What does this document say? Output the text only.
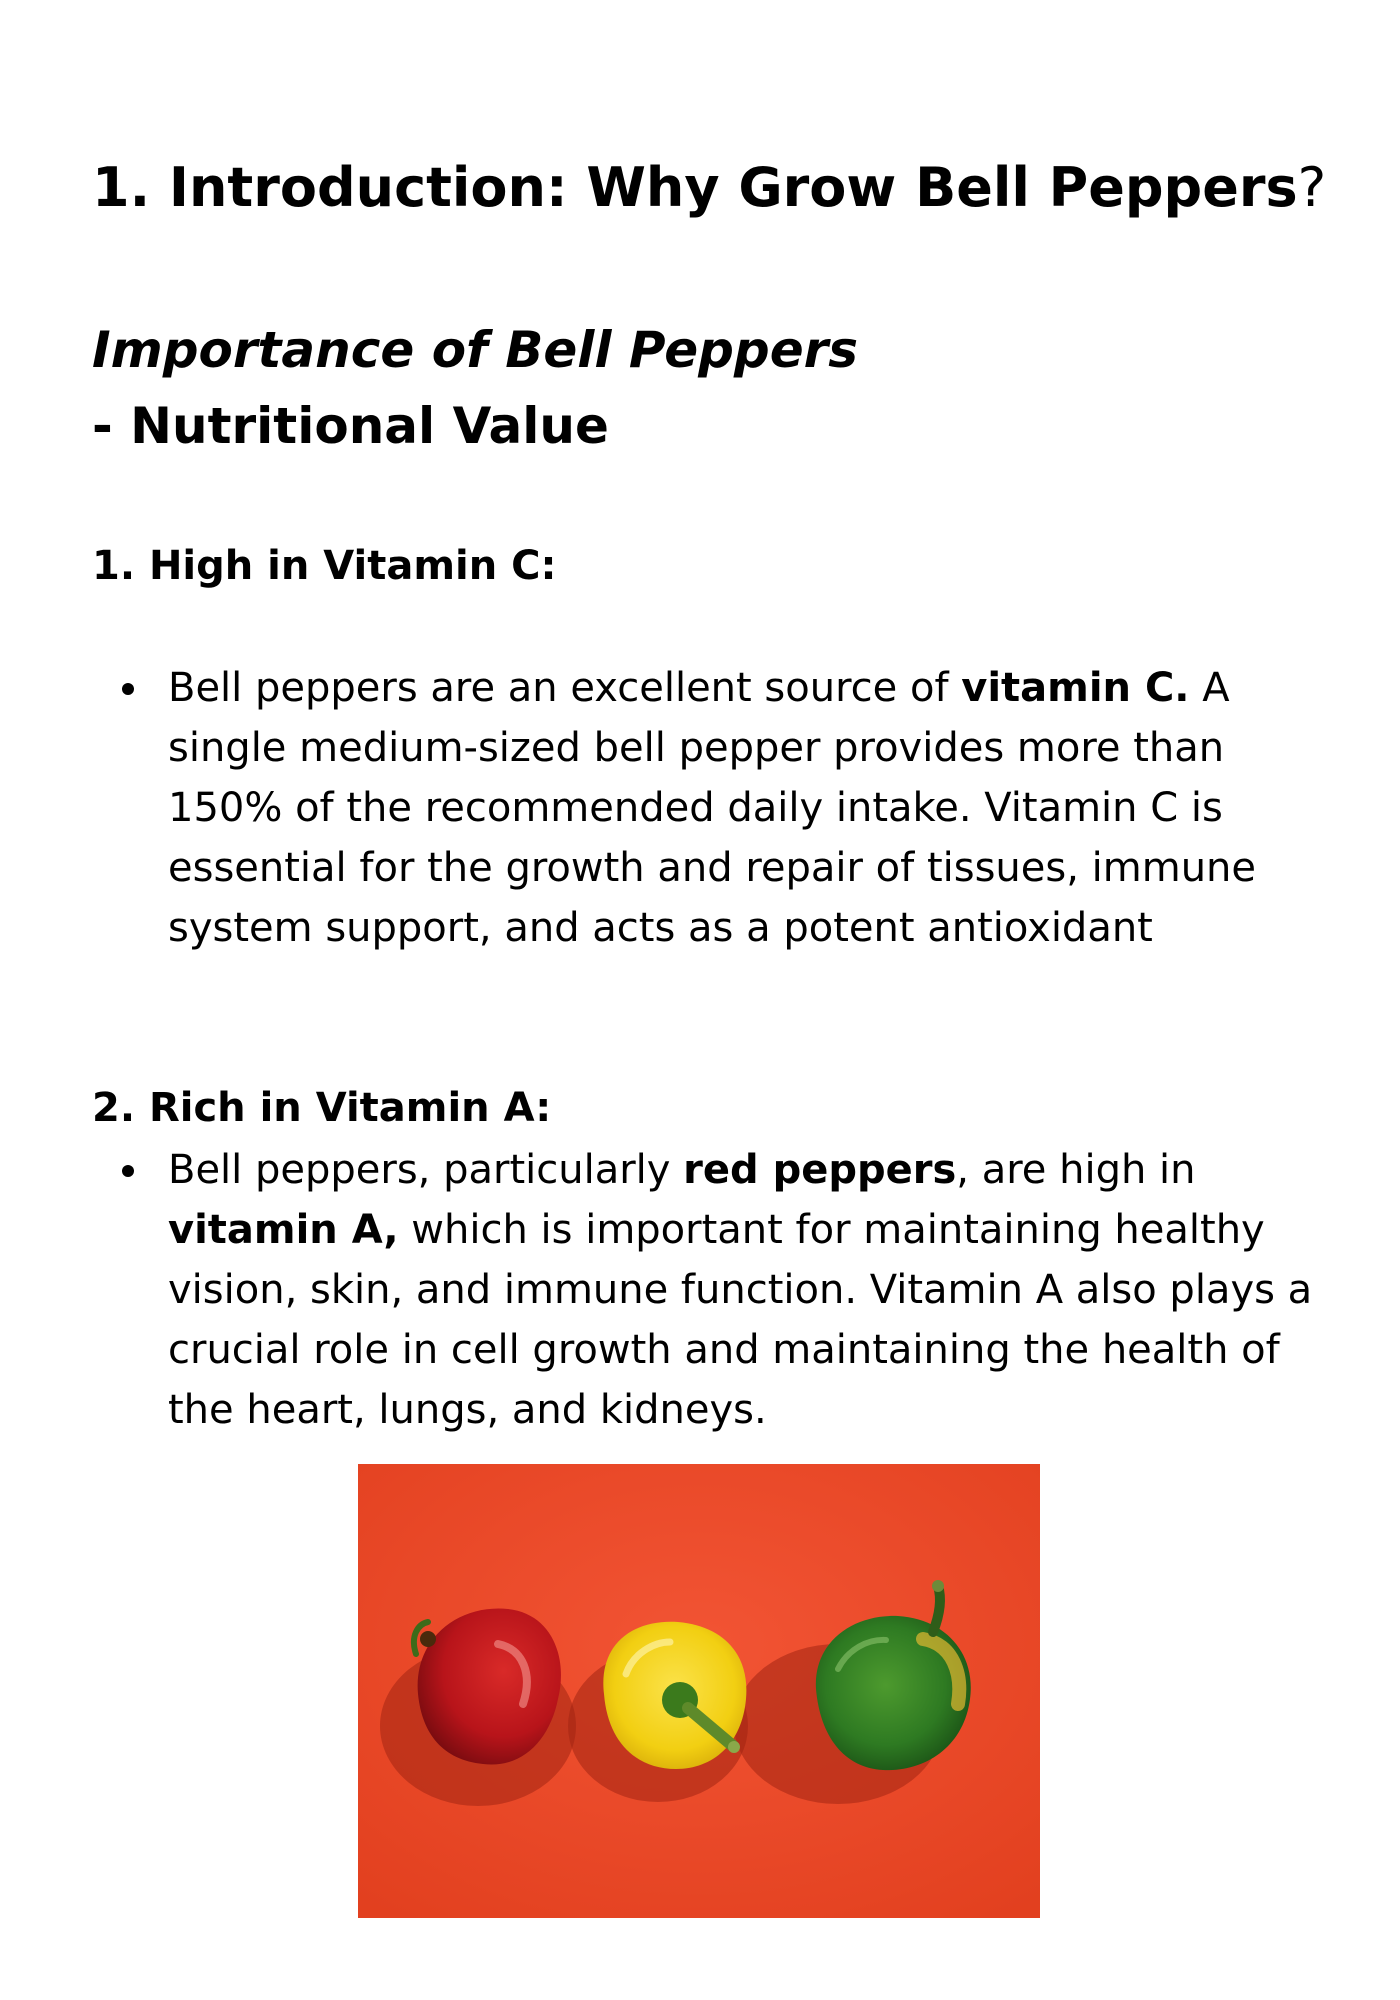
1. Introduction: Why Grow Bell Peppers?
Importance of Bell Peppers
- Nutritional Value
1. High in Vitamin C:
Bell peppers are an excellent source of vitamin C. A single medium-sized bell pepper provides more than 150% of the recommended daily intake. Vitamin C is essential for the growth and repair of tissues, immune system support, and acts as a potent antioxidant
2. Rich in Vitamin A:
Bell peppers, particularly red peppers, are high in vitamin A, which is important for maintaining healthy vision, skin, and immune function. Vitamin A also plays a crucial role in cell growth and maintaining the health of the heart, lungs, and kidneys.
